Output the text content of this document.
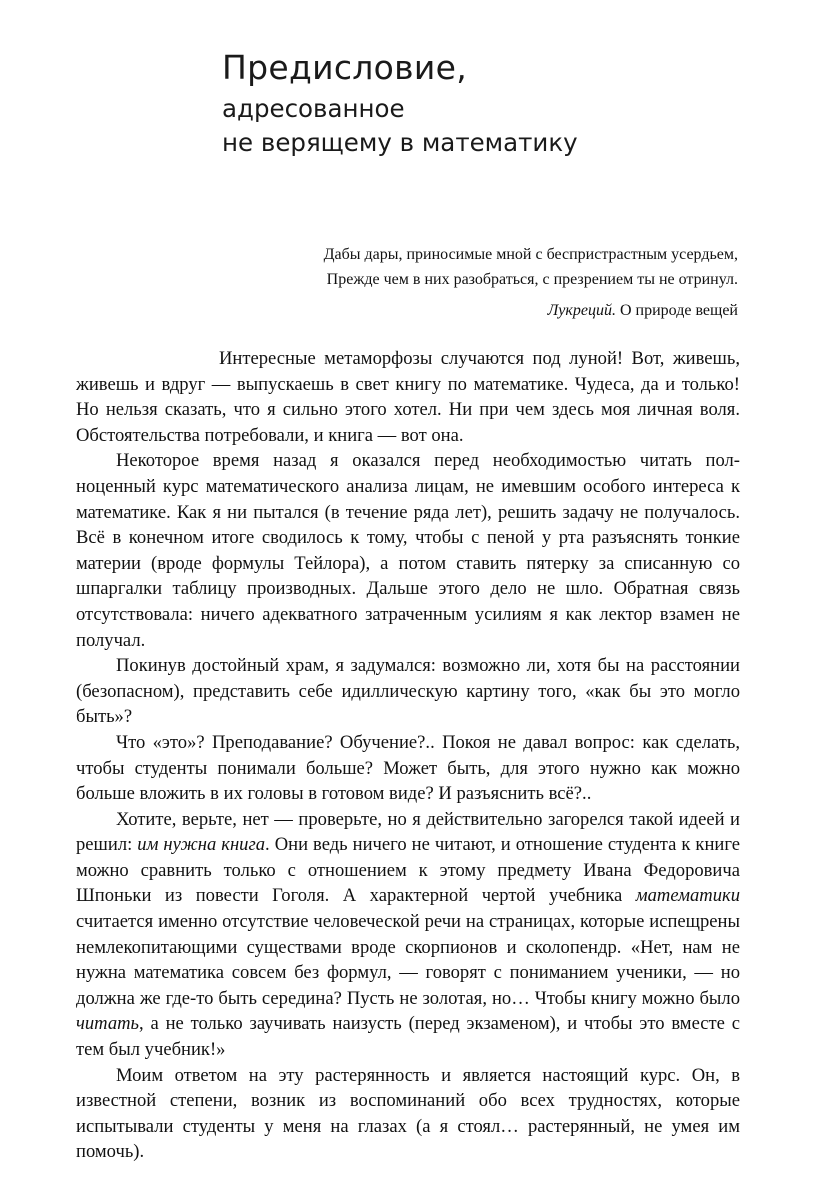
Предисловие,
адресованное
не верящему в математику
Дабы дары, приносимые мной с беспристрастным усердьем,
Прежде чем в них разобраться, с презрением ты не отринул.
Лукреций. О природе вещей

Интересные метаморфозы случаются под луной! Вот, живешь, живешь и вдруг — выпускаешь в свет книгу по математике. Чудеса, да и только! Но нельзя сказать, что я сильно этого хотел. Ни при чем здесь моя личная воля. Обстоятельства потребовали, и книга — вот она.

Некоторое время назад я оказался перед необходимостью читать полноценный курс математического анализа лицам, не имевшим особого интереса к математике. Как я ни пытался (в течение ряда лет), решить задачу не получалось. Всё в конечном итоге сводилось к тому, чтобы с пеной у рта разъяснять тонкие материи (вроде формулы Тейлора), а потом ставить пятерку за списанную со шпаргалки таблицу производных. Дальше этого дело не шло. Обратная связь отсутствовала: ничего адекватного затраченным усилиям я как лектор взамен не получал.

Покинув достойный храм, я задумался: возможно ли, хотя бы на расстоянии (безопасном), представить себе идиллическую картину того, «как бы это могло быть»?

Что «это»? Преподавание? Обучение?.. Покоя не давал вопрос: как сделать, чтобы студенты понимали больше? Может быть, для этого нужно как можно больше вложить в их головы в готовом виде? И разъяснить всё?..

Хотите, верьте, нет — проверьте, но я действительно загорелся такой идеей и решил: им нужна книга. Они ведь ничего не читают, и отношение студента к книге можно сравнить только с отношением к этому предмету Ивана Федоровича Шпоньки из повести Гоголя. А характерной чертой учебника математики считается именно отсутствие человеческой речи на страницах, которые испещрены немлекопитающими существами вроде скорпионов и сколопендр. «Нет, нам не нужна математика совсем без формул, — говорят с пониманием ученики, — но должна же где-то быть середина? Пусть не золотая, но… Чтобы книгу можно было читать, а не только заучивать наизусть (перед экзаменом), и чтобы это вместе с тем был учебник!»

Моим ответом на эту растерянность и является настоящий курс. Он, в известной степени, возник из воспоминаний обо всех трудностях, которые испытывали студенты у меня на глазах (а я стоял… растерянный, не умея им помочь).
